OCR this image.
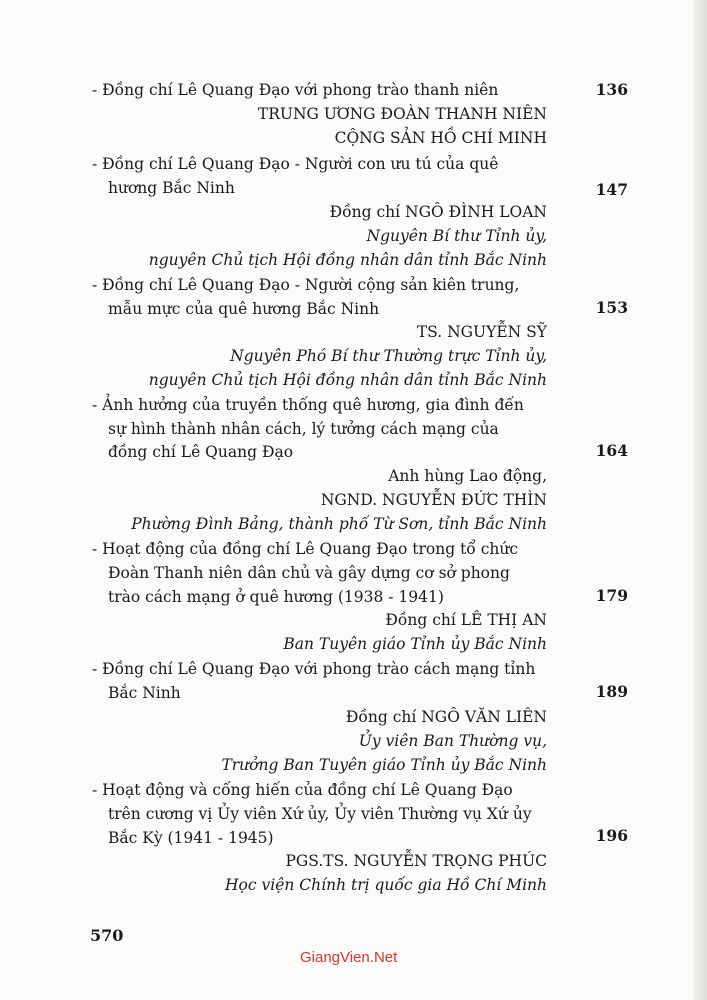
- Đồng chí Lê Quang Đạo với phong trào thanh niên	136
TRUNG ƯƠNG ĐOÀN THANH NIÊN
CỘNG SẢN HỒ CHÍ MINH
- Đồng chí Lê Quang Đạo - Người con ưu tú của quê
hương Bắc Ninh	147
Đồng chí NGÔ ĐÌNH LOAN
Nguyên Bí thư Tỉnh ủy,
nguyên Chủ tịch Hội đồng nhân dân tỉnh Bắc Ninh
- Đồng chí Lê Quang Đạo - Người cộng sản kiên trung,
mẫu mực của quê hương Bắc Ninh	153
TS. NGUYỄN SỸ
Nguyên Phó Bí thư Thường trực Tỉnh ủy,
nguyên Chủ tịch Hội đồng nhân dân tỉnh Bắc Ninh
- Ảnh hưởng của truyền thống quê hương, gia đình đến
sự hình thành nhân cách, lý tưởng cách mạng của
đồng chí Lê Quang Đạo	164
Anh hùng Lao động,
NGND. NGUYỄN ĐỨC THÌN
Phường Đình Bảng, thành phố Từ Sơn, tỉnh Bắc Ninh
- Hoạt động của đồng chí Lê Quang Đạo trong tổ chức
Đoàn Thanh niên dân chủ và gây dựng cơ sở phong
trào cách mạng ở quê hương (1938 - 1941)	179
Đồng chí LÊ THỊ AN
Ban Tuyên giáo Tỉnh ủy Bắc Ninh
- Đồng chí Lê Quang Đạo với phong trào cách mạng tỉnh
Bắc Ninh	189
Đồng chí NGÔ VĂN LIÊN
Ủy viên Ban Thường vụ,
Trưởng Ban Tuyên giáo Tỉnh ủy Bắc Ninh
- Hoạt động và cống hiến của đồng chí Lê Quang Đạo
trên cương vị Ủy viên Xứ ủy, Ủy viên Thường vụ Xứ ủy
Bắc Kỳ (1941 - 1945)	196
PGS.TS. NGUYỄN TRỌNG PHÚC
Học viện Chính trị quốc gia Hồ Chí Minh
570
GiangVien.Net
